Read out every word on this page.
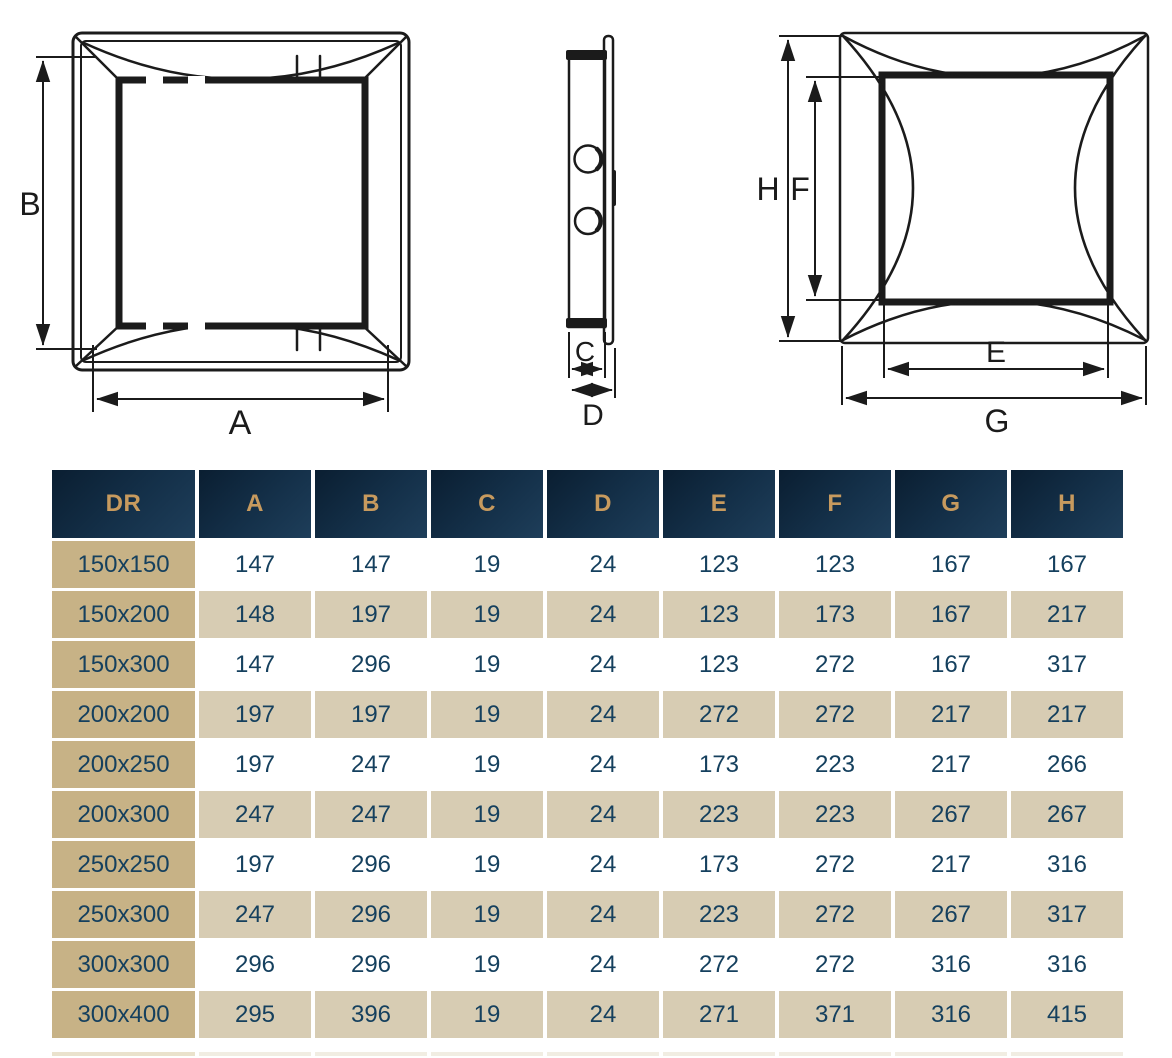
B
A
C
D
H F
E
G
DR	A	B	C	D	E	F	G	H
150x150	147	147	19	24	123	123	167	167
150x200	148	197	19	24	123	173	167	217
150x300	147	296	19	24	123	272	167	317
200x200	197	197	19	24	272	272	217	217
200x250	197	247	19	24	173	223	217	266
200x300	247	247	19	24	223	223	267	267
250x250	197	296	19	24	173	272	217	316
250x300	247	296	19	24	223	272	267	317
300x300	296	296	19	24	272	272	316	316
300x400	295	396	19	24	271	371	316	415
